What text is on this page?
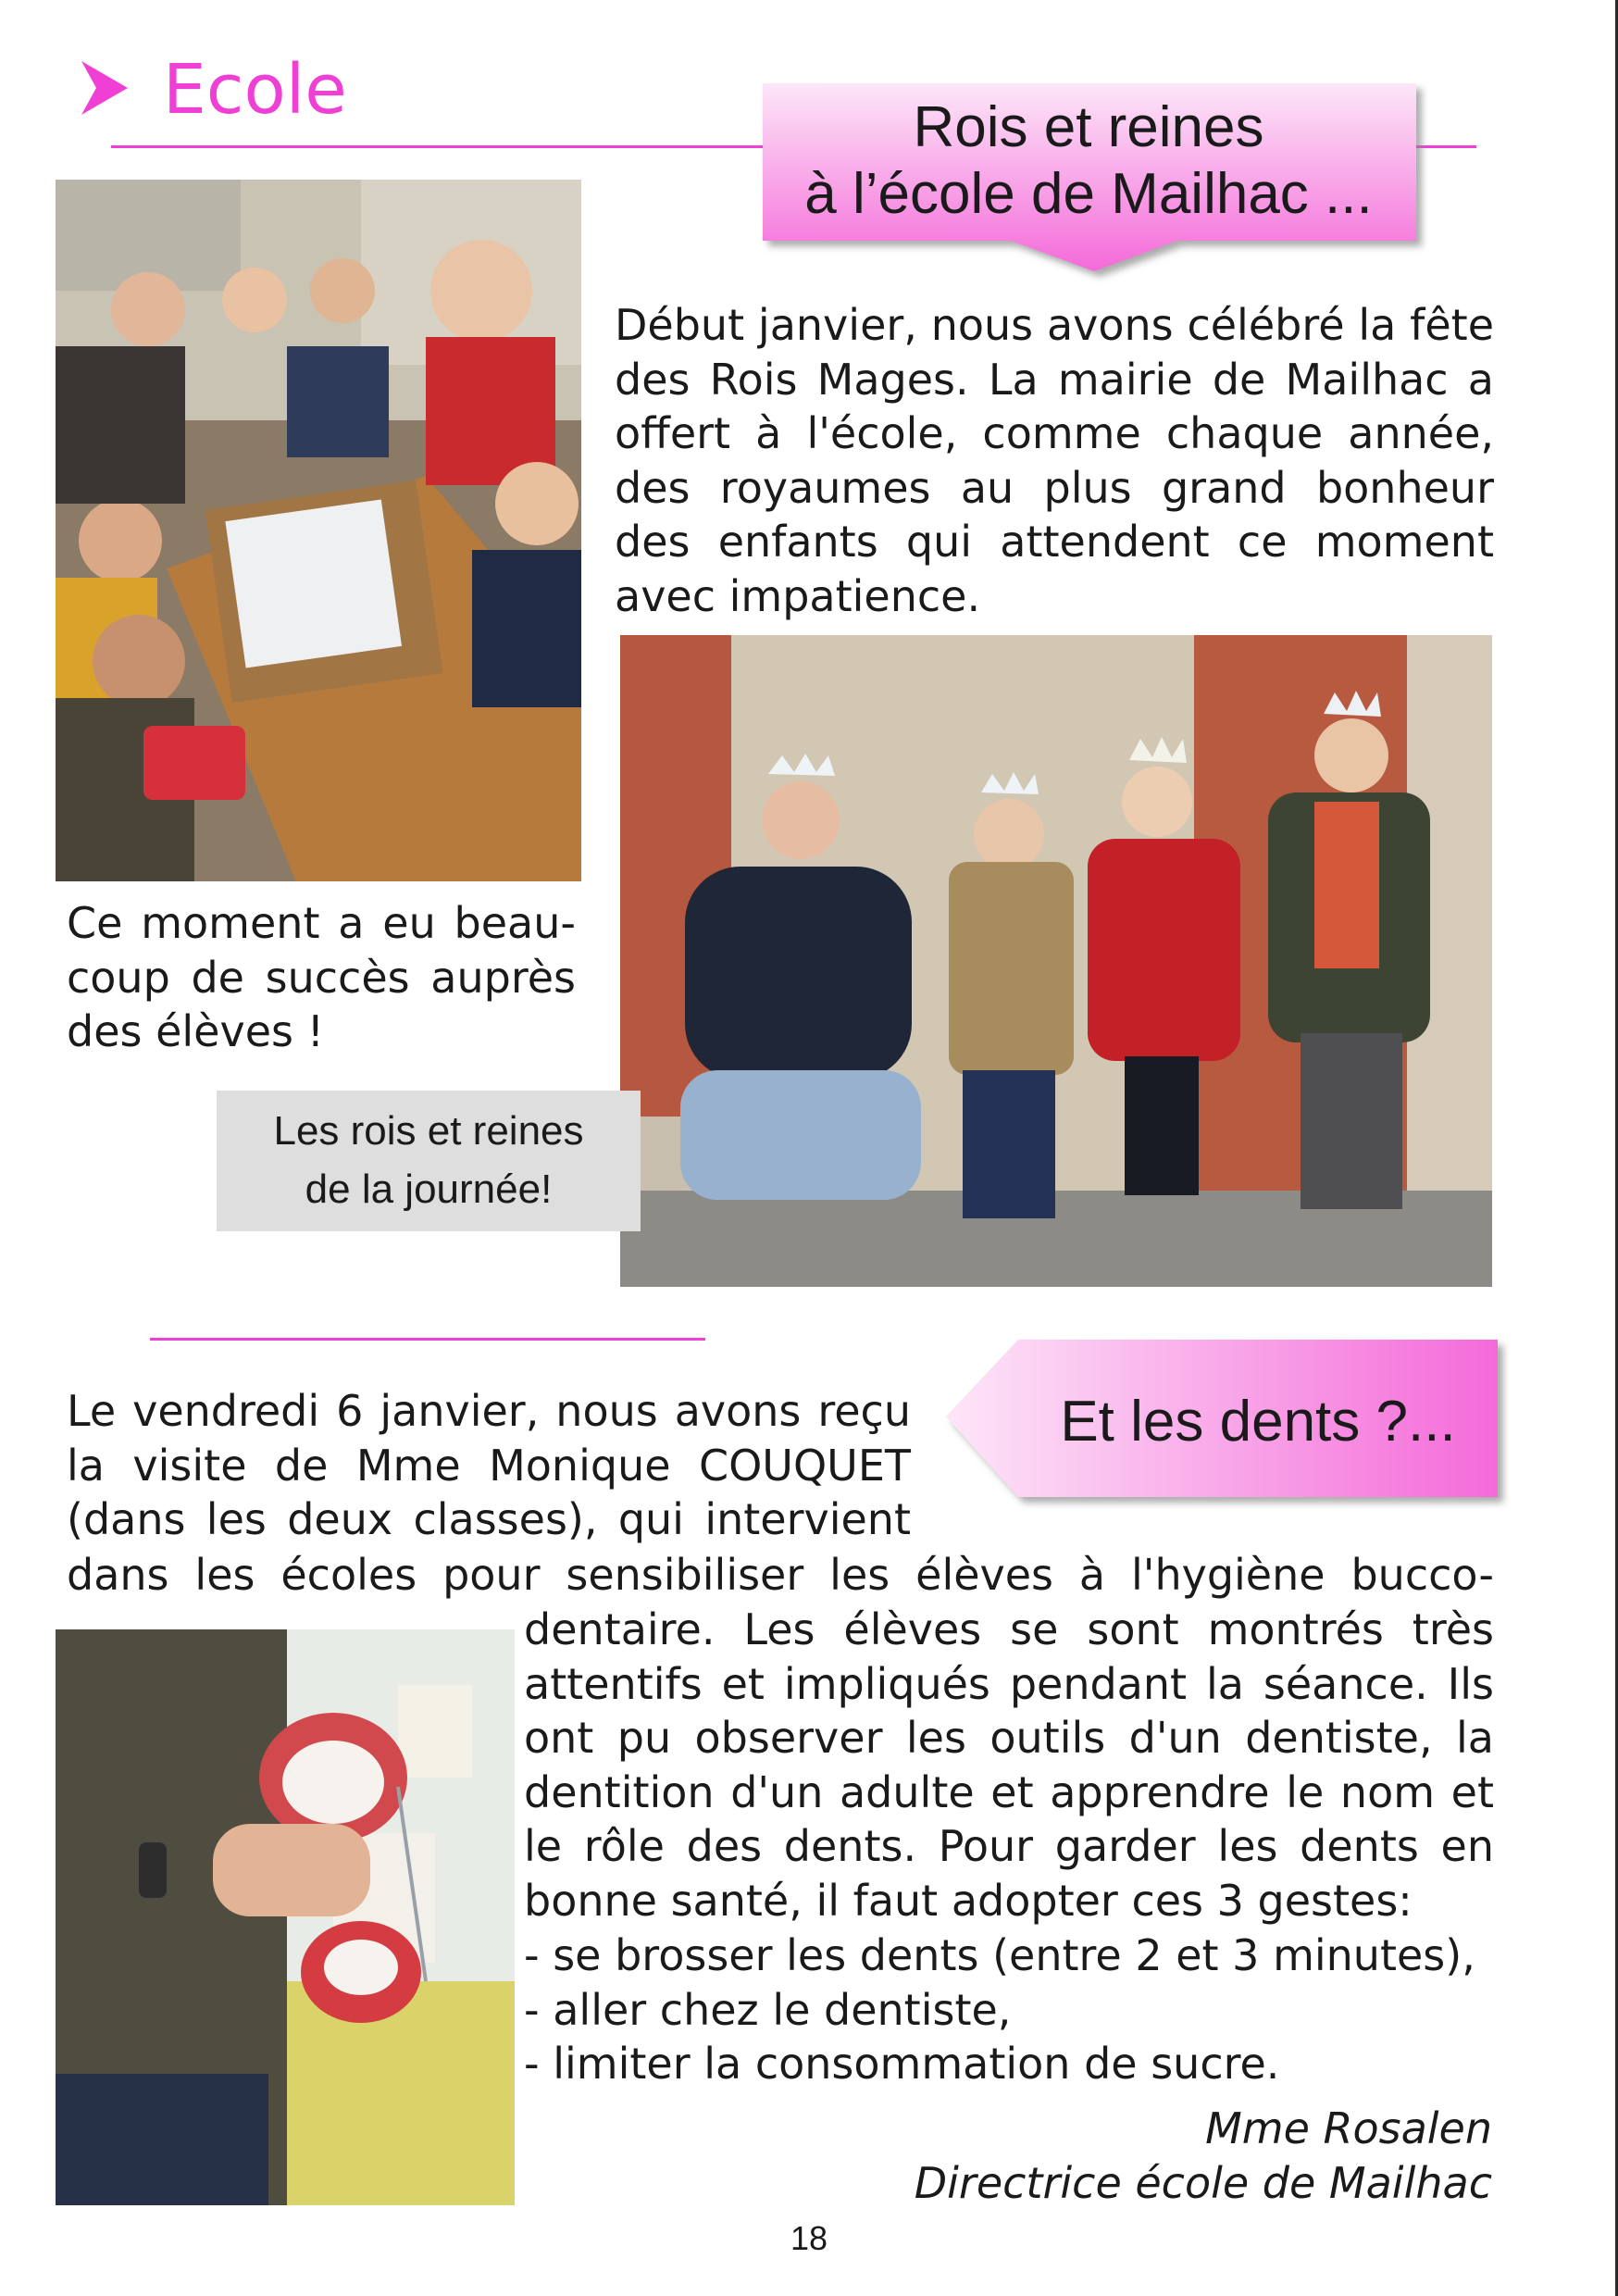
Ecole	Rois et reines
à l’école de Mailhac ...
Début janvier, nous avons célébré la fête des Rois Mages. La mairie de Mailhac a offert à l'école, comme chaque année, des royaumes au plus grand bonheur des enfants qui attendent ce moment avec impatience.
Ce moment a eu beau-coup de succès auprès des élèves !
Les rois et reines
de la journée!
Et les dents ?...
Le vendredi 6 janvier, nous avons reçu la visite de Mme Monique COUQUET (dans les deux classes), qui intervient
dans les écoles pour sensibiliser les élèves à l'hygiène bucco-
dentaire. Les élèves se sont montrés très attentifs et impliqués pendant la séance. Ils ont pu observer les outils d'un dentiste, la dentition d'un adulte et apprendre le nom et le rôle des dents. Pour garder les dents en bonne santé, il faut adopter ces 3 gestes:
- se brosser les dents (entre 2 et 3 minutes),
- aller chez le dentiste,
- limiter la consommation de sucre.
Mme Rosalen
Directrice école de Mailhac
18
